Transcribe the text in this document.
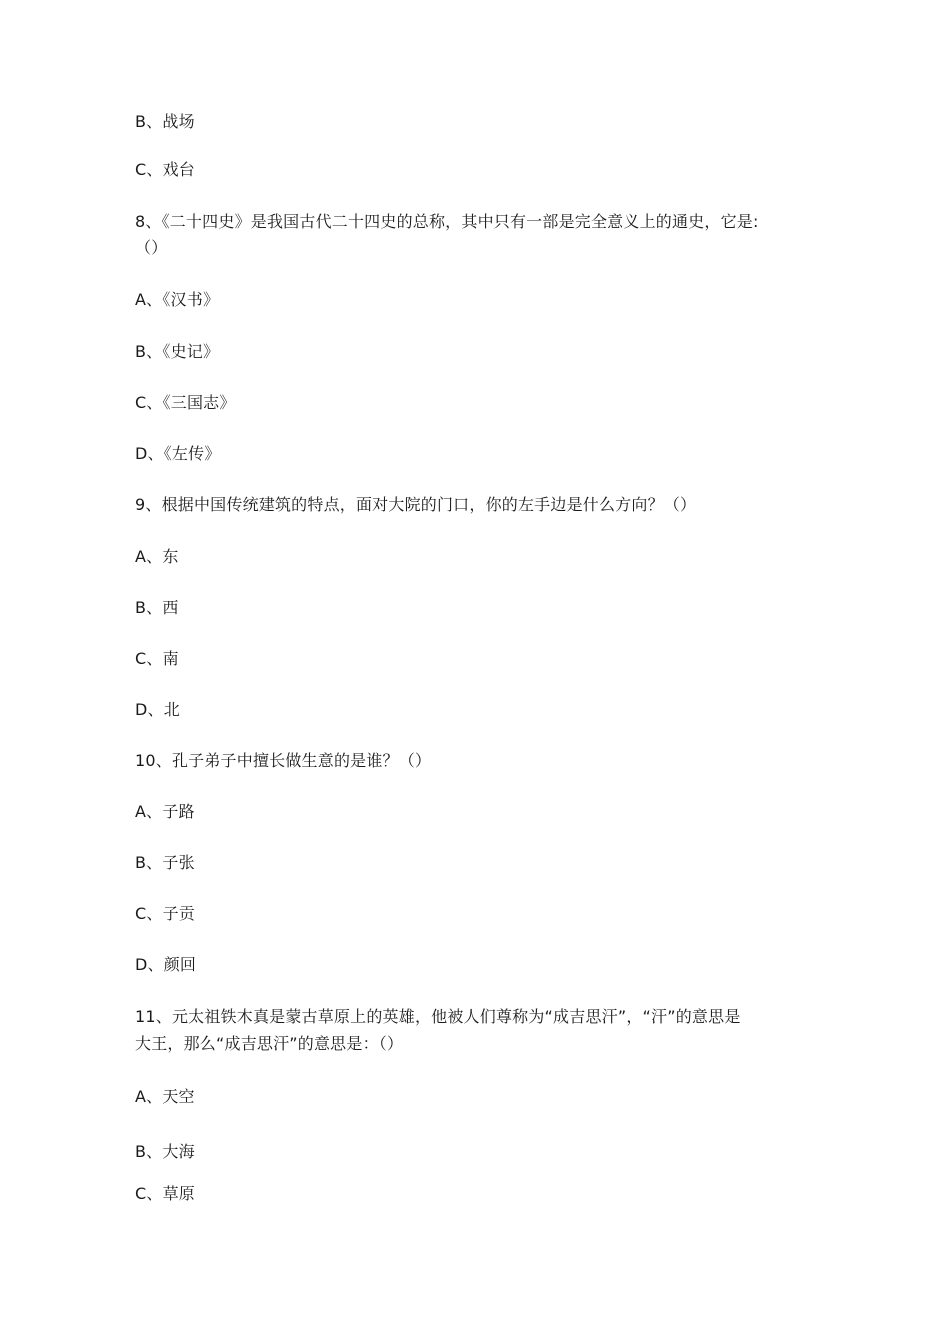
B、战场
C、戏台
8、《二十四史》是我国古代二十四史的总称，其中只有一部是完全意义上的通史，它是:
（）
A、《汉书》
B、《史记》
C、《三国志》
D、《左传》
9、根据中国传统建筑的特点，面对大院的门口，你的左手边是什么方向？（）
A、东
B、西
C、南
D、北
10、孔子弟子中擅长做生意的是谁？（）
A、子路
B、子张
C、子贡
D、颜回
11、元太祖铁木真是蒙古草原上的英雄，他被人们尊称为“成吉思汗”，“汗”的意思是
大王，那么“成吉思汗”的意思是：（）
A、天空
B、大海
C、草原
